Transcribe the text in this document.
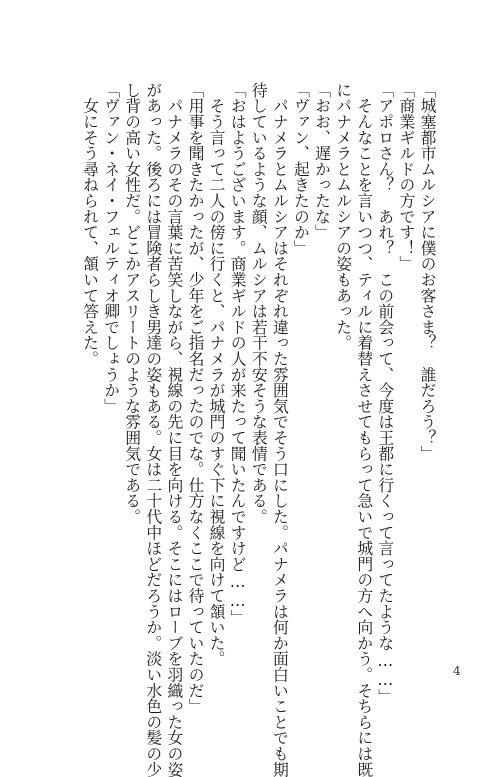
「城塞都市ムルシアに僕のお客さま？　誰だろう？」
「商業ギルドの方です！」
「アポロさん？　あれ？　この前会って、今度は王都に行くって言ってたような……」
　そんなことを言いつつ、ティルに着替えさせてもらって急いで城門の方へ向かう。そちらには既
にパナメラとムルシアの姿もあった。
「おお、遅かったな」
「ヴァン、起きたのか」
　パナメラとムルシアはそれぞれ違った雰囲気でそう口にした。パナメラは何か面白いことでも期
待しているような顔、ムルシアは若干不安そうな表情である。
「おはようございます。商業ギルドの人が来たって聞いたんですけど……」
　そう言って二人の傍に行くと、パナメラが城門のすぐ下に視線を向けて頷いた。
「用事を聞きたかったが、少年をご指名だったのでな。仕方なくここで待っていたのだ」
　パナメラのその言葉に苦笑しながら、視線の先に目を向ける。そこにはローブを羽織った女の姿
があった。後ろには冒険者らしき男達の姿もある。女は二十代中ほどだろうか。淡い水色の髪の少
し背の高い女性だ。どこかアスリートのような雰囲気である。
「ヴァン・ネイ・フェルティオ卿でしょうか」
　女にそう尋ねられて、頷いて答えた。
4
